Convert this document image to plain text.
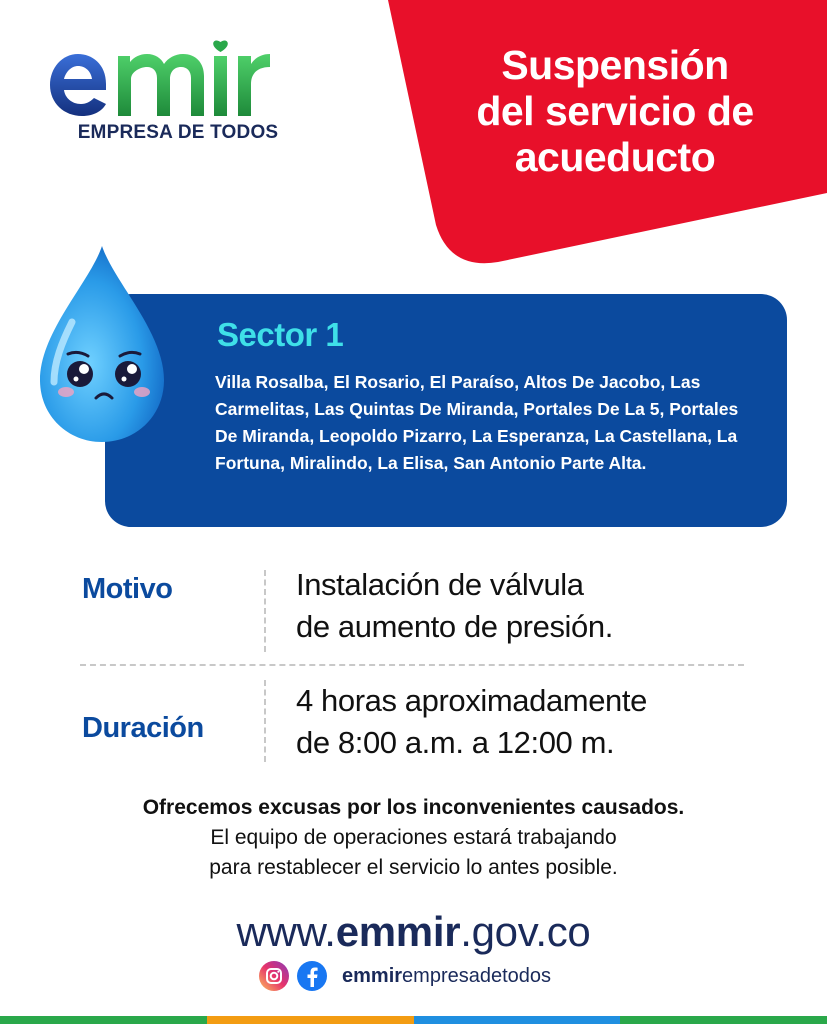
Suspensión
del servicio de
acueducto
EMPRESA DE TODOS
Sector 1
Villa Rosalba, El Rosario, El Paraíso, Altos De Jacobo, Las Carmelitas, Las Quintas De Miranda, Portales De La 5, Portales De Miranda, Leopoldo Pizarro, La Esperanza, La Castellana, La Fortuna, Miralindo, La Elisa, San Antonio Parte Alta.
Motivo	Instalación de válvula
de aumento de presión.
Duración
4 horas aproximadamente
de 8:00 a.m. a 12:00 m.
Ofrecemos excusas por los inconvenientes causados.
El equipo de operaciones estará trabajando
para restablecer el servicio lo antes posible.
www.emmir.gov.co
emmirempresadetodos
